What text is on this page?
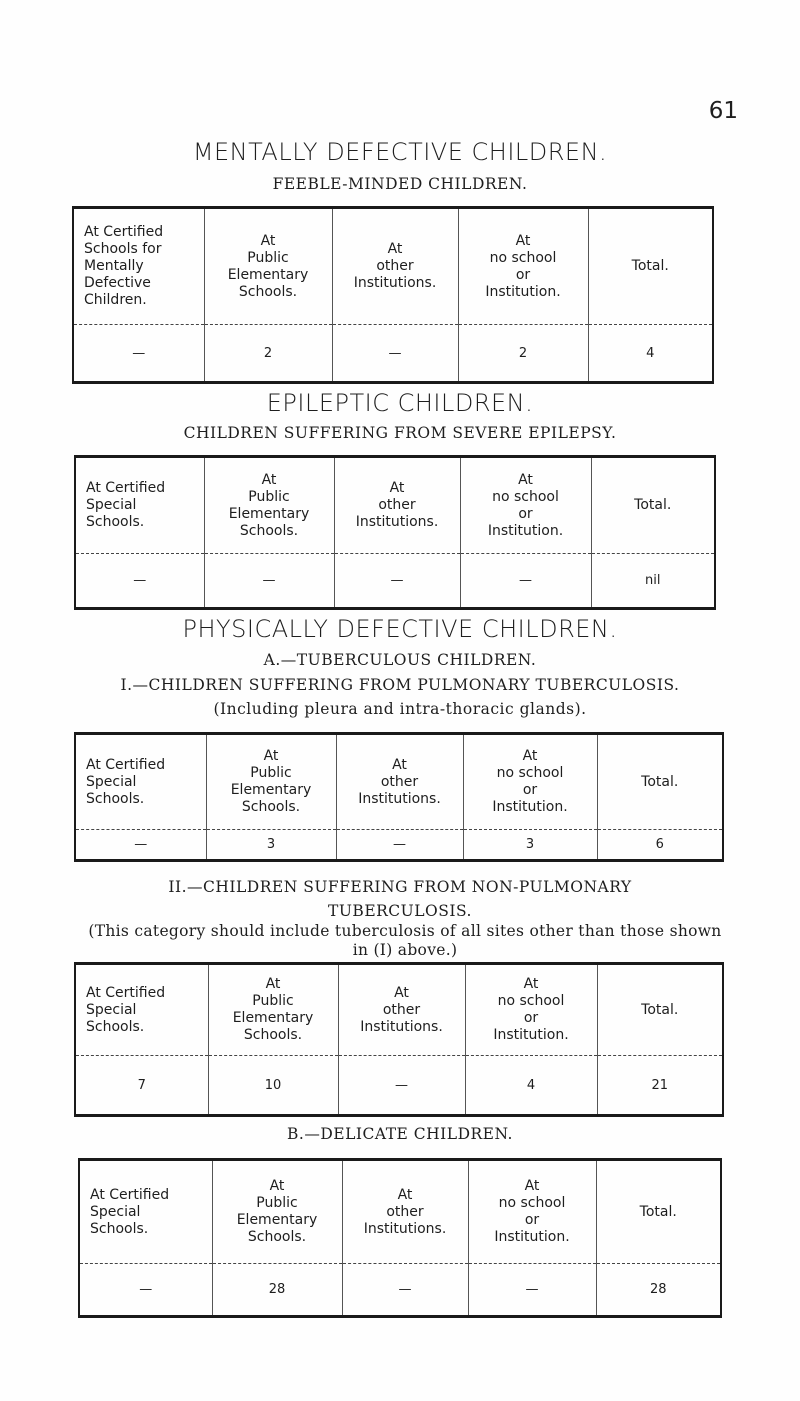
61
MENTALLY DEFECTIVE CHILDREN.
FEEBLE-MINDED CHILDREN.
At Certified
Schools for
Mentally
Defective
Children.	At
Public
Elementary
Schools.	At
other
Institutions.	At
no school
or
Institution.	Total.
—	2	—	2	4
EPILEPTIC CHILDREN.
CHILDREN SUFFERING FROM SEVERE EPILEPSY.
At Certified
Special
Schools.	At
Public
Elementary
Schools.	At
other
Institutions.	At
no school
or
Institution.	Total.
—	—	—	—	nil
PHYSICALLY DEFECTIVE CHILDREN.
A.—TUBERCULOUS CHILDREN.
I.—CHILDREN SUFFERING FROM PULMONARY TUBERCULOSIS.
(Including pleura and intra-thoracic glands).
At Certified
Special
Schools.	At
Public
Elementary
Schools.	At
other
Institutions.	At
no school
or
Institution.	Total.
—	3	—	3	6
II.—CHILDREN SUFFERING FROM NON-PULMONARY
TUBERCULOSIS.
(This category should include tuberculosis of all sites other than those shown
in (I) above.)
At Certified
Special
Schools.	At
Public
Elementary
Schools.	At
other
Institutions.	At
no school
or
Institution.	Total.
7	10	—	4	21
B.—DELICATE CHILDREN.
At Certified
Special
Schools.	At
Public
Elementary
Schools.	At
other
Institutions.	At
no school
or
Institution.	Total.
—	28	—	—	28
